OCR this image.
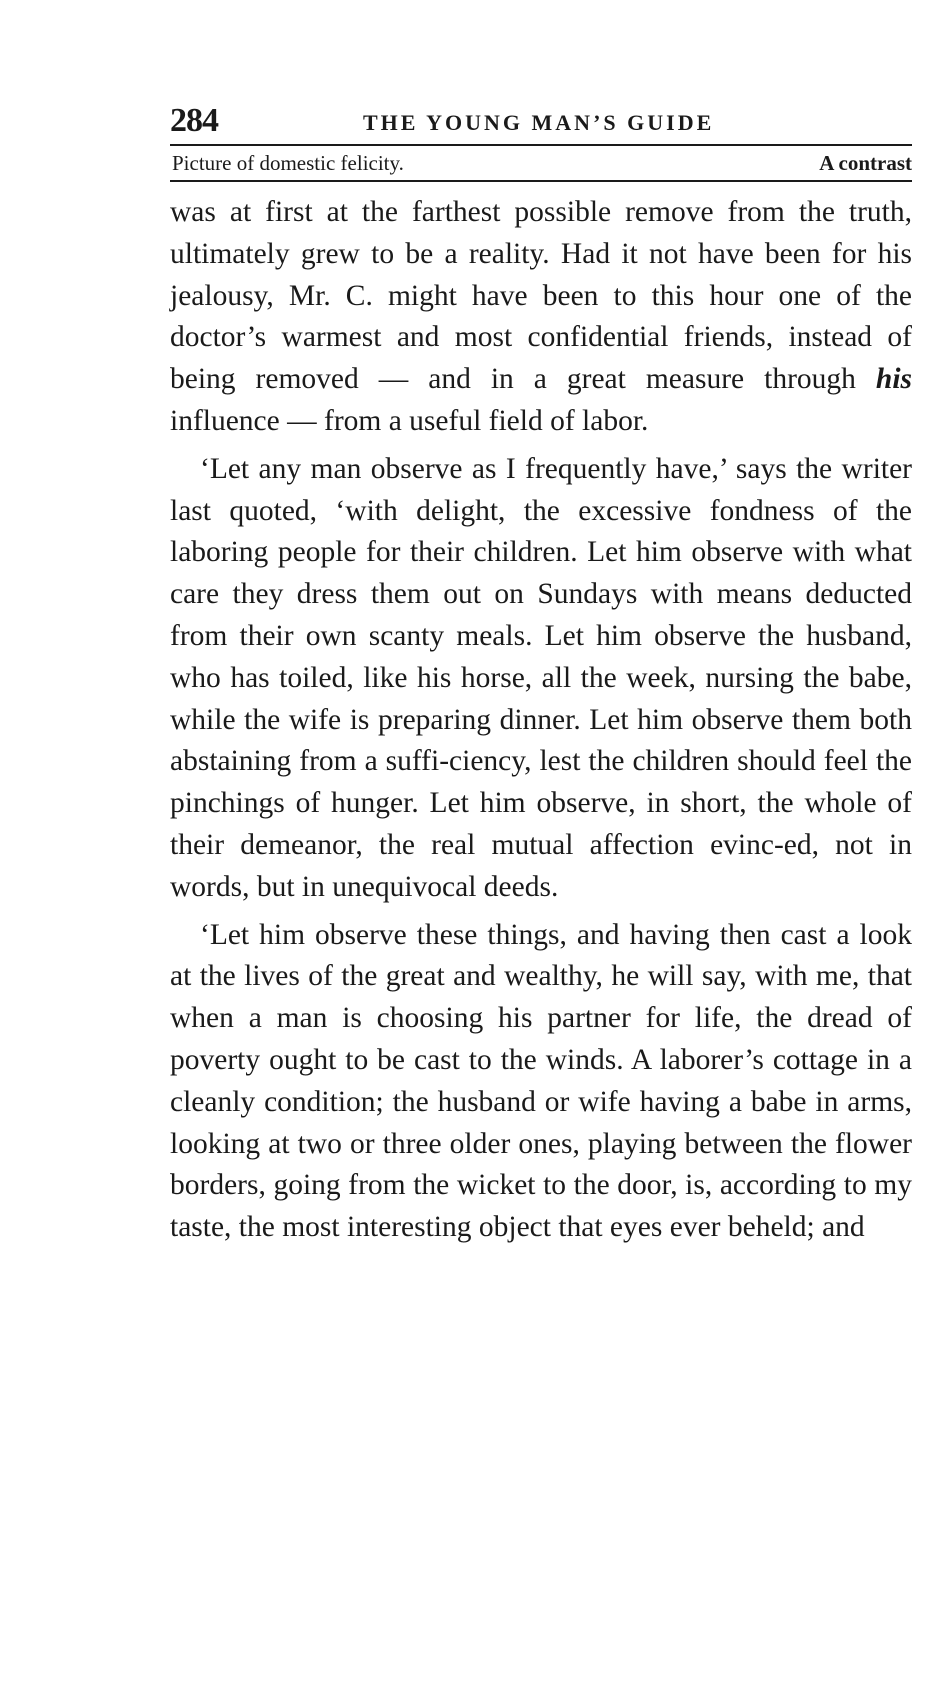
284	THE YOUNG MAN’S GUIDE
Picture of domestic felicity.	A contrast

was at first at the farthest possible remove from the truth, ultimately grew to be a reality. Had it not have been for his jealousy, Mr. C. might have been to this hour one of the doctor’s warmest and most confidential friends, instead of being removed — and in a great measure through his influence — from a useful field of labor.

‘Let any man observe as I frequently have,’ says the writer last quoted, ‘with delight, the excessive fondness of the laboring people for their children. Let him observe with what care they dress them out on Sundays with means deducted from their own scanty meals. Let him observe the husband, who has toiled, like his horse, all the week, nursing the babe, while the wife is preparing dinner. Let him observe them both abstaining from a suffi-ciency, lest the children should feel the pinchings of hunger. Let him observe, in short, the whole of their demeanor, the real mutual affection evinc-ed, not in words, but in unequivocal deeds.

‘Let him observe these things, and having then cast a look at the lives of the great and wealthy, he will say, with me, that when a man is choosing his partner for life, the dread of poverty ought to be cast to the winds. A laborer’s cottage in a cleanly condition; the husband or wife having a babe in arms, looking at two or three older ones, playing between the flower borders, going from the wicket to the door, is, according to my taste, the most interesting object that eyes ever beheld; and
